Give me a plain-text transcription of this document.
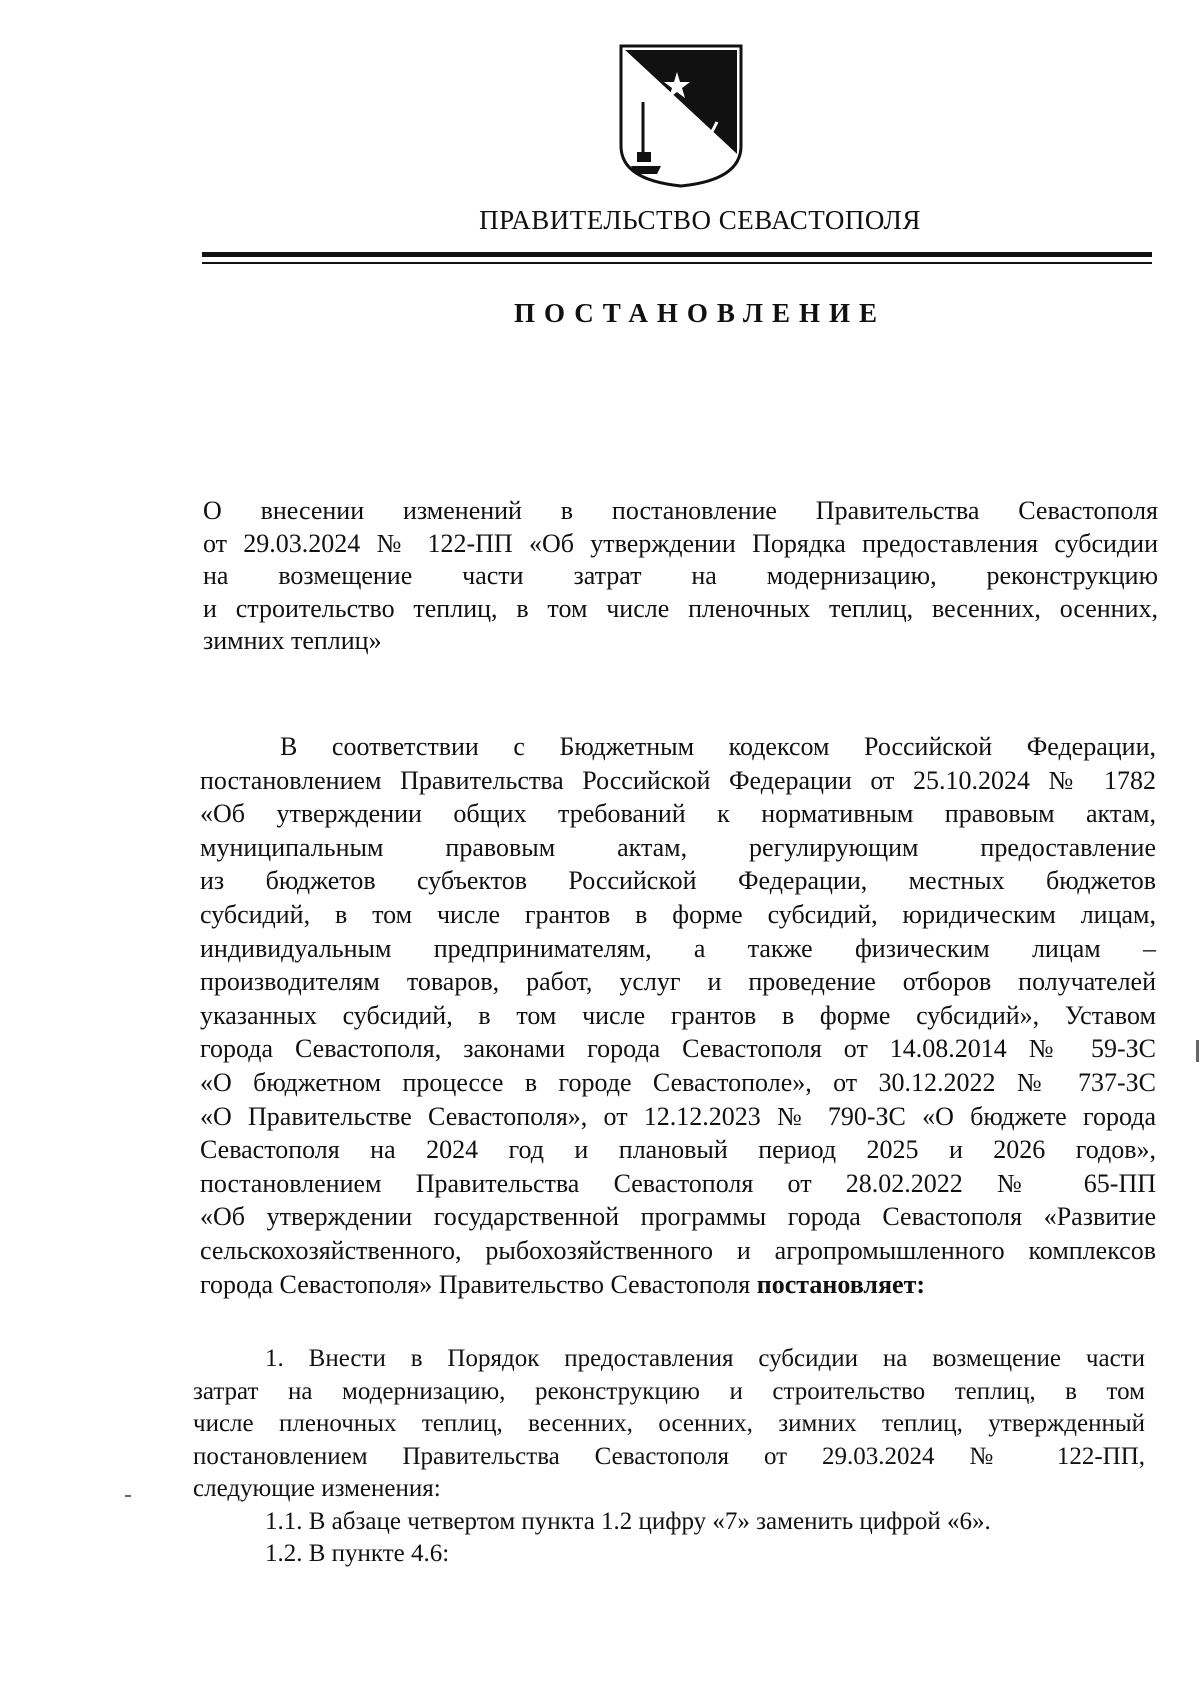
ПРАВИТЕЛЬСТВО СЕВАСТОПОЛЯ
ПОСТАНОВЛЕНИЕ

О внесении изменений в постановление Правительства Севастополя

от 29.03.2024 № 122-ПП «Об утверждении Порядка предоставления субсидии

на возмещение части затрат на модернизацию, реконструкцию

и строительство теплиц, в том числе пленочных теплиц, весенних, осенних,

зимних теплиц»

В соответствии с Бюджетным кодексом Российской Федерации,

постановлением Правительства Российской Федерации от 25.10.2024 № 1782

«Об утверждении общих требований к нормативным правовым актам,

муниципальным правовым актам, регулирующим предоставление

из бюджетов субъектов Российской Федерации, местных бюджетов

субсидий, в том числе грантов в форме субсидий, юридическим лицам,

индивидуальным предпринимателям, а также физическим лицам –

производителям товаров, работ, услуг и проведение отборов получателей

указанных субсидий, в том числе грантов в форме субсидий», Уставом

города Севастополя, законами города Севастополя от 14.08.2014 № 59-ЗС

«О бюджетном процессе в городе Севастополе», от 30.12.2022 № 737-ЗС

«О Правительстве Севастополя», от 12.12.2023 № 790-ЗС «О бюджете города

Севастополя на 2024 год и плановый период 2025 и 2026 годов»,

постановлением Правительства Севастополя от 28.02.2022 № 65-ПП

«Об утверждении государственной программы города Севастополя «Развитие

сельскохозяйственного, рыбохозяйственного и агропромышленного комплексов

города Севастополя» Правительство Севастополя постановляет:

1. Внести в Порядок предоставления субсидии на возмещение части

затрат на модернизацию, реконструкцию и строительство теплиц, в том

числе пленочных теплиц, весенних, осенних, зимних теплиц, утвержденный

постановлением Правительства Севастополя от 29.03.2024 № 122-ПП,

следующие изменения:

1.1. В абзаце четвертом пункта 1.2 цифру «7» заменить цифрой «6».

1.2. В пункте 4.6:
